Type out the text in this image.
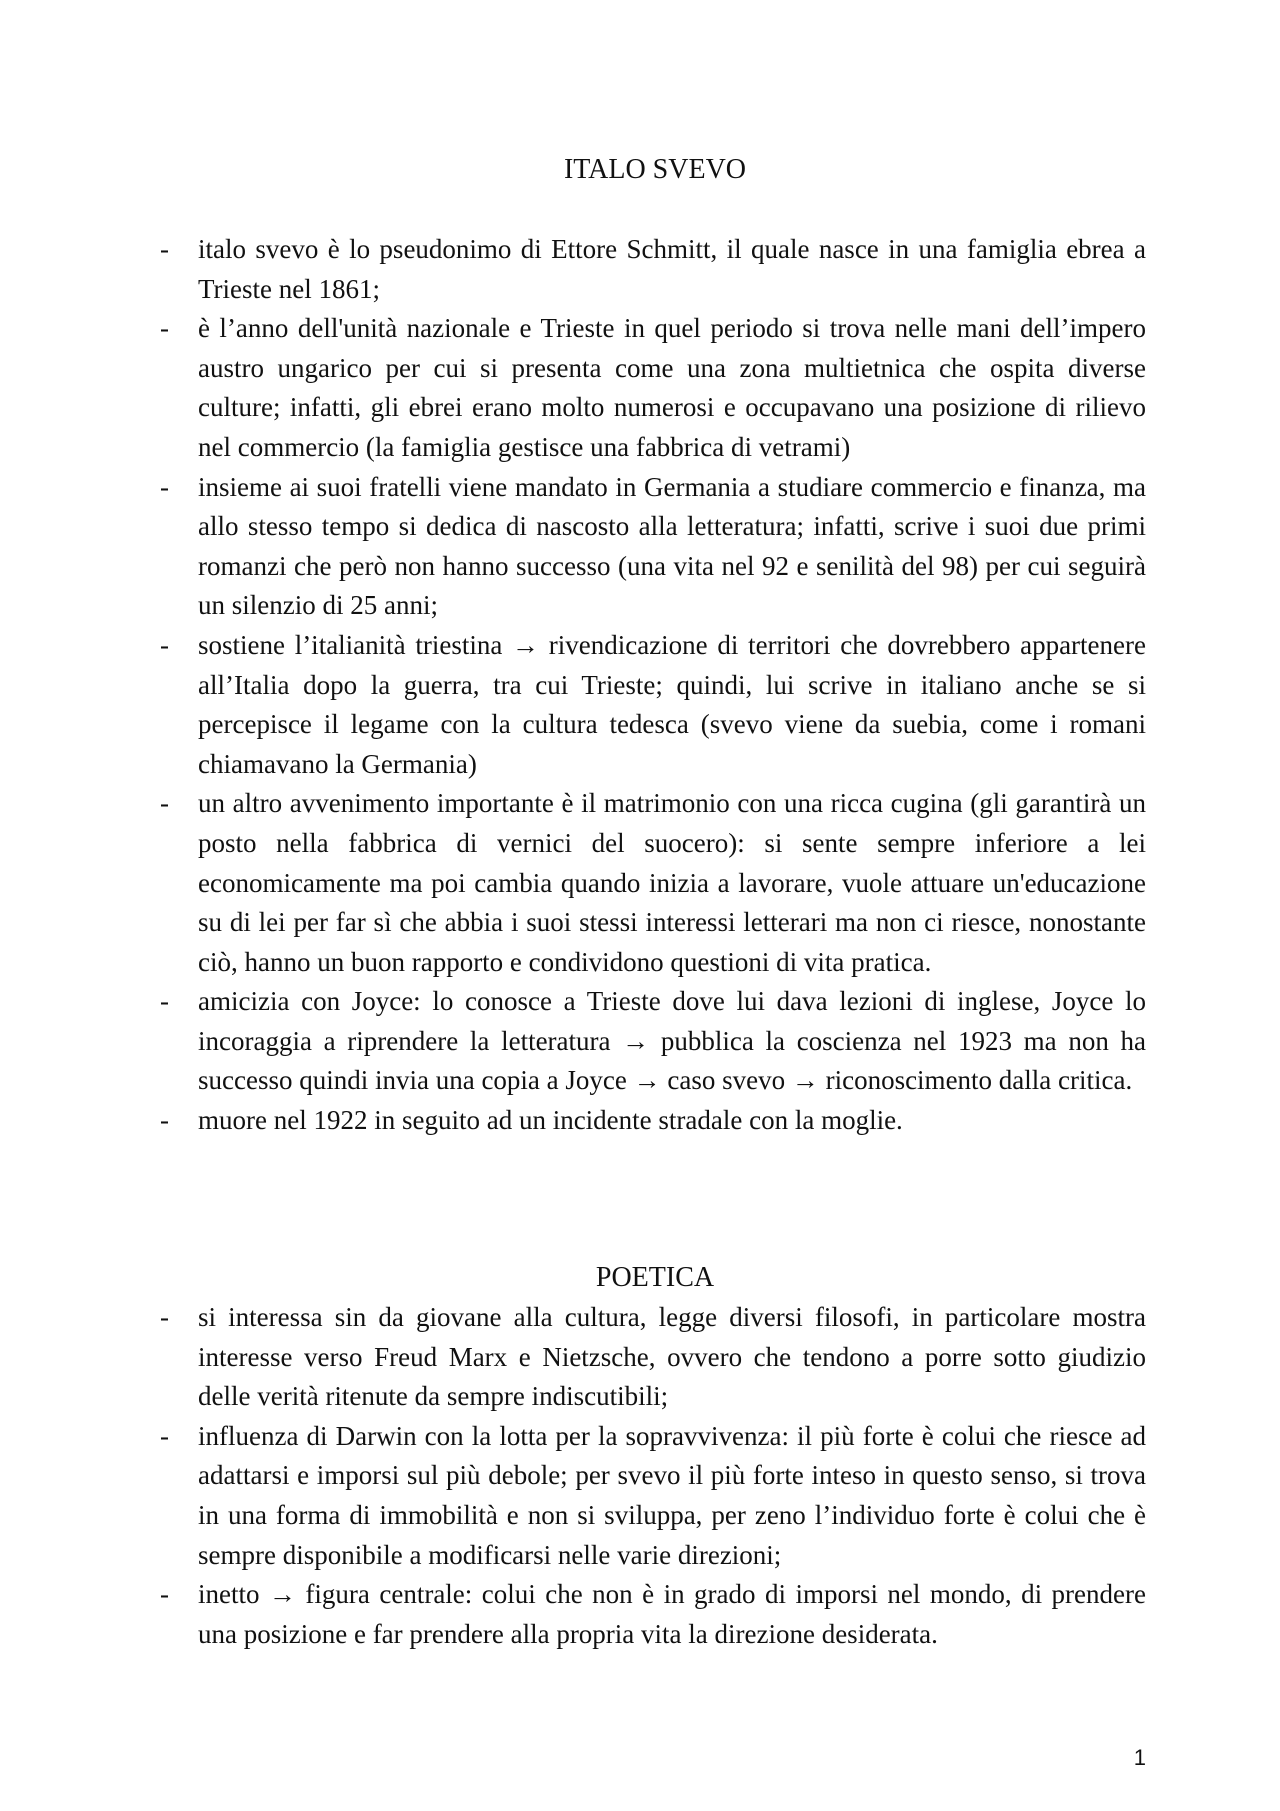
ITALO SVEVO
-	italo svevo è lo pseudonimo di Ettore Schmitt, il quale nasce in una famiglia ebrea a Trieste nel 1861;
-	è l’anno dell'unità nazionale e Trieste in quel periodo si trova nelle mani dell’impero austro ungarico per cui si presenta come una zona multietnica che ospita diverse culture; infatti, gli ebrei erano molto numerosi e occupavano una posizione di rilievo nel commercio (la famiglia gestisce una fabbrica di vetrami)
-	insieme ai suoi fratelli viene mandato in Germania a studiare commercio e finanza, ma allo stesso tempo si dedica di nascosto alla letteratura; infatti, scrive i suoi due primi romanzi che però non hanno successo (una vita nel 92 e senilità del 98) per cui seguirà un silenzio di 25 anni;
-	sostiene l’italianità triestina → rivendicazione di territori che dovrebbero appartenere all’Italia dopo la guerra, tra cui Trieste; quindi, lui scrive in italiano anche se si percepisce il legame con la cultura tedesca (svevo viene da suebia, come i romani chiamavano la Germania)
-	un altro avvenimento importante è il matrimonio con una ricca cugina (gli garantirà un posto nella fabbrica di vernici del suocero): si sente sempre inferiore a lei economicamente ma poi cambia quando inizia a lavorare, vuole attuare un'educazione su di lei per far sì che abbia i suoi stessi interessi letterari ma non ci riesce, nonostante ciò, hanno un buon rapporto e condividono questioni di vita pratica.
-	amicizia con Joyce: lo conosce a Trieste dove lui dava lezioni di inglese, Joyce lo incoraggia a riprendere la letteratura → pubblica la coscienza nel 1923 ma non ha successo quindi invia una copia a Joyce → caso svevo → riconoscimento dalla critica.
-	muore nel 1922 in seguito ad un incidente stradale con la moglie.
POETICA
-	si interessa sin da giovane alla cultura, legge diversi filosofi, in particolare mostra interesse verso Freud Marx e Nietzsche, ovvero che tendono a porre sotto giudizio delle verità ritenute da sempre indiscutibili;
-	influenza di Darwin con la lotta per la sopravvivenza: il più forte è colui che riesce ad adattarsi e imporsi sul più debole; per svevo il più forte inteso in questo senso, si trova in una forma di immobilità e non si sviluppa, per zeno l’individuo forte è colui che è sempre disponibile a modificarsi nelle varie direzioni;
-	inetto → figura centrale: colui che non è in grado di imporsi nel mondo, di prendere una posizione e far prendere alla propria vita la direzione desiderata.
1
